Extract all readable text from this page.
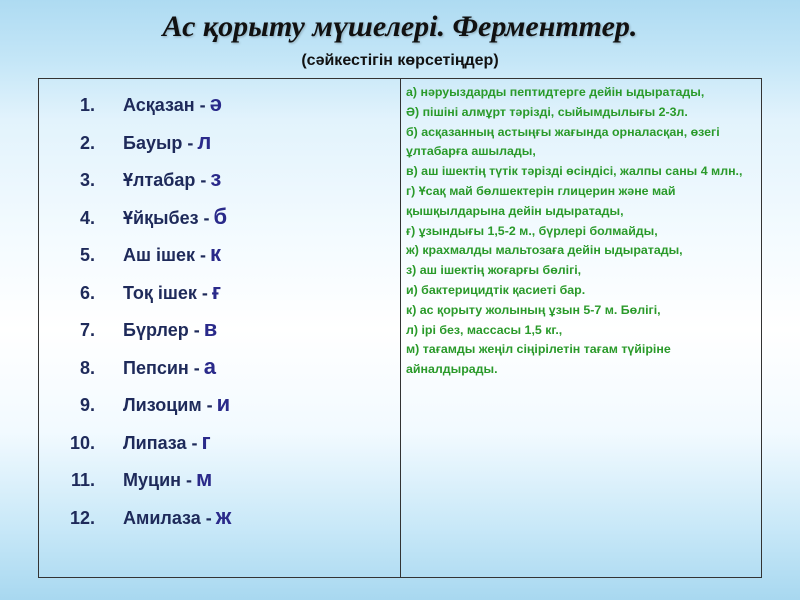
Ас қорыту мүшелері. Ферменттер.
(сәйкестігін көрсетіңдер)
1. Асқазан - ә
2. Бауыр - л
3. Ұлтабар - з
4. Ұйқыбез - б
5. Аш ішек - к
6. Тоқ ішек - ғ
7. Бүрлер - в
8. Пепсин - а
9. Лизоцим - и
10. Липаза - г
11. Муцин - м
12. Амилаза - ж

а) нәруыздарды пептидтерге дейін ыдыратады,

Ә) пішіні алмұрт тәрізді, сыйымдылығы 2-3л.

б) асқазанның астыңғы жағында орналасқан, өзегі ұлтабарға ашылады,

в) аш ішектің түтік тәрізді өсіндісі, жалпы саны 4 млн.,

г) Ұсақ май бөлшектерін глицерин және май қышқылдарына дейін ыдыратады,

ғ) ұзындығы 1,5-2 м., бүрлері болмайды,

ж) крахмалды мальтозаға дейін ыдыратады,

з) аш ішектің жоғарғы бөлігі,

и) бактерицидтік қасиеті бар.

к) ас қорыту жолының ұзын 5-7 м. Бөлігі,

л) ірі без, массасы 1,5 кг.,

м) тағамды жеңіл сіңірілетін тағам түйіріне айналдырады.
